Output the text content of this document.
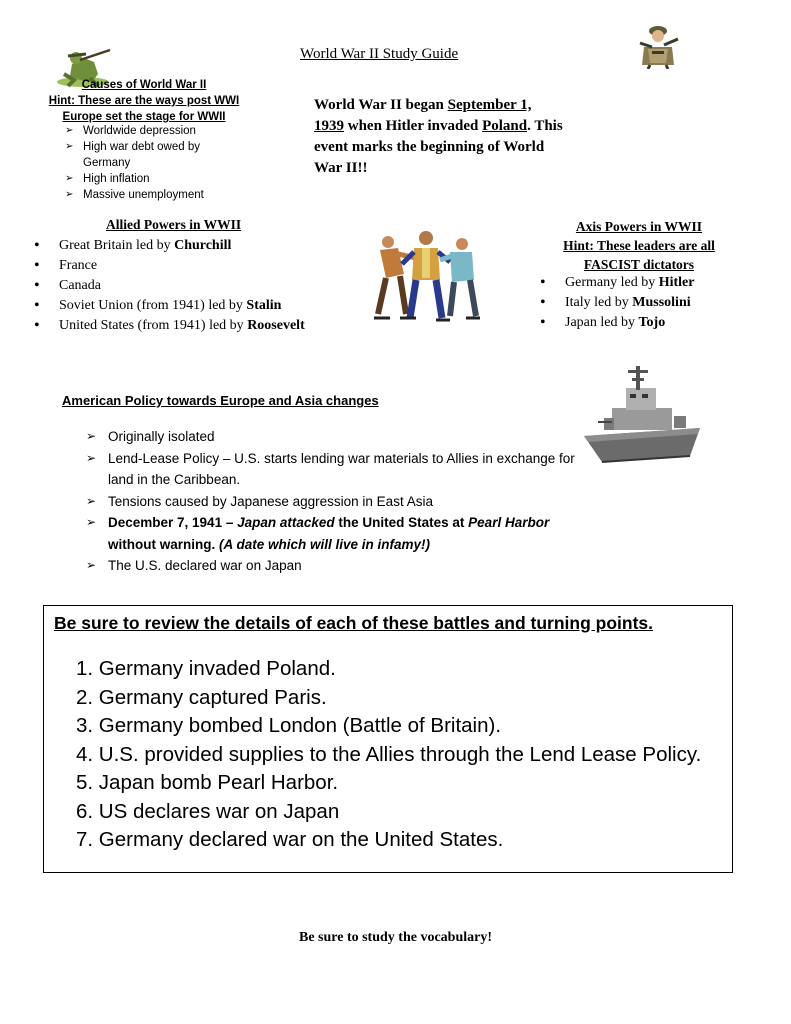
World War II Study Guide
Causes of World War II
Hint: These are the ways post WWI
Europe set the stage for WWII
➢ Worldwide depression
➢ High war debt owed by Germany
➢ High inflation
➢ Massive unemployment
World War II began September 1, 1939 when Hitler invaded Poland. This event marks the beginning of World War II!!
Allied Powers in WWII
• Great Britain led by Churchill
• France
• Canada
• Soviet Union (from 1941) led by Stalin
• United States (from 1941) led by Roosevelt
Axis Powers in WWII
Hint: These leaders are all
FASCIST dictators
• Germany led by Hitler
• Italy led by Mussolini
• Japan led by Tojo
American Policy towards Europe and Asia changes
➢ Originally isolated
➢ Lend-Lease Policy – U.S. starts lending war materials to Allies in exchange for land in the Caribbean.
➢ Tensions caused by Japanese aggression in East Asia
➢ December 7, 1941 – Japan attacked the United States at Pearl Harbor without warning. (A date which will live in infamy!)
➢ The U.S. declared war on Japan
Be sure to review the details of each of these battles and turning points.
1. Germany invaded Poland.
2. Germany captured Paris.
3. Germany bombed London (Battle of Britain).
4. U.S. provided supplies to the Allies through the Lend Lease Policy.
5. Japan bomb Pearl Harbor.
6. US declares war on Japan
7. Germany declared war on the United States.
Be sure to study the vocabulary!
